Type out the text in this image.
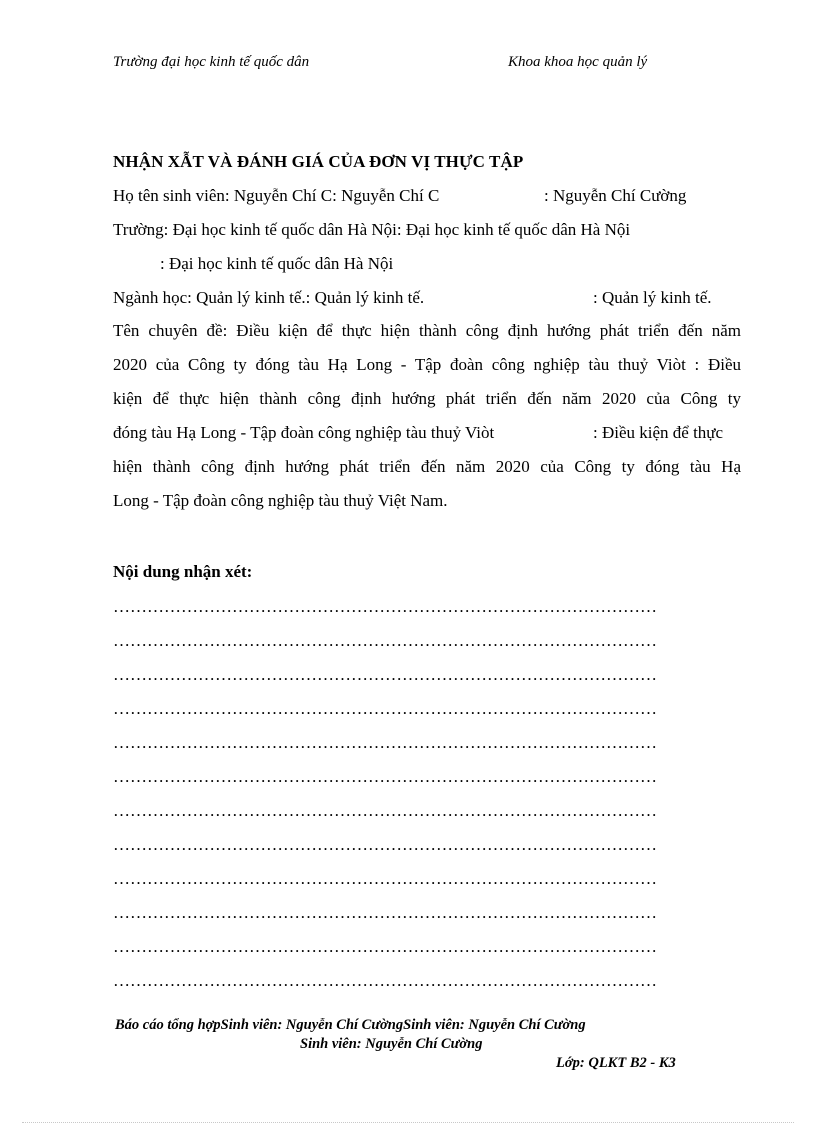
Trường đại học kinh tế quốc dân	Khoa khoa học quản lý
NHẬN XẪT VÀ ĐÁNH GIÁ CỦA ĐƠN VỊ THỰC TẬP
Họ tên sinh viên: Nguyễn Chí C: Nguyễn Chí C	: Nguyễn Chí Cường
Trường: Đại học kinh tế quốc dân Hà Nội: Đại học kinh tế quốc dân Hà Nội
: Đại học kinh tế quốc dân Hà Nội
Ngành học: Quản lý kinh tế.: Quản lý kinh tế.	: Quản lý kinh tế.
Tên chuyên đề: Điều kiện để thực hiện thành công định hướng phát triển đến năm
2020 của Công ty đóng tàu Hạ Long - Tập đoàn công nghiệp tàu thuỷ Viòt : Điều
kiện để thực hiện thành công định hướng phát triển đến năm 2020 của Công ty
đóng tàu Hạ Long - Tập đoàn công nghiệp tàu thuỷ Viòt	: Điều kiện để thực
hiện thành công định hướng phát triển đến năm 2020 của Công ty đóng tàu Hạ
Long - Tập đoàn công nghiệp tàu thuỷ Việt Nam.
Nội dung nhận xét:
……………………………………………………………………………………
……………………………………………………………………………………
……………………………………………………………………………………
……………………………………………………………………………………
……………………………………………………………………………………
……………………………………………………………………………………
……………………………………………………………………………………
……………………………………………………………………………………
……………………………………………………………………………………
……………………………………………………………………………………
……………………………………………………………………………………
……………………………………………………………………………………
Báo cáo tổng hợpSinh viên: Nguyễn Chí CườngSinh viên: Nguyễn Chí Cường
Sinh viên: Nguyễn Chí Cường
Lớp: QLKT B2 - K3
